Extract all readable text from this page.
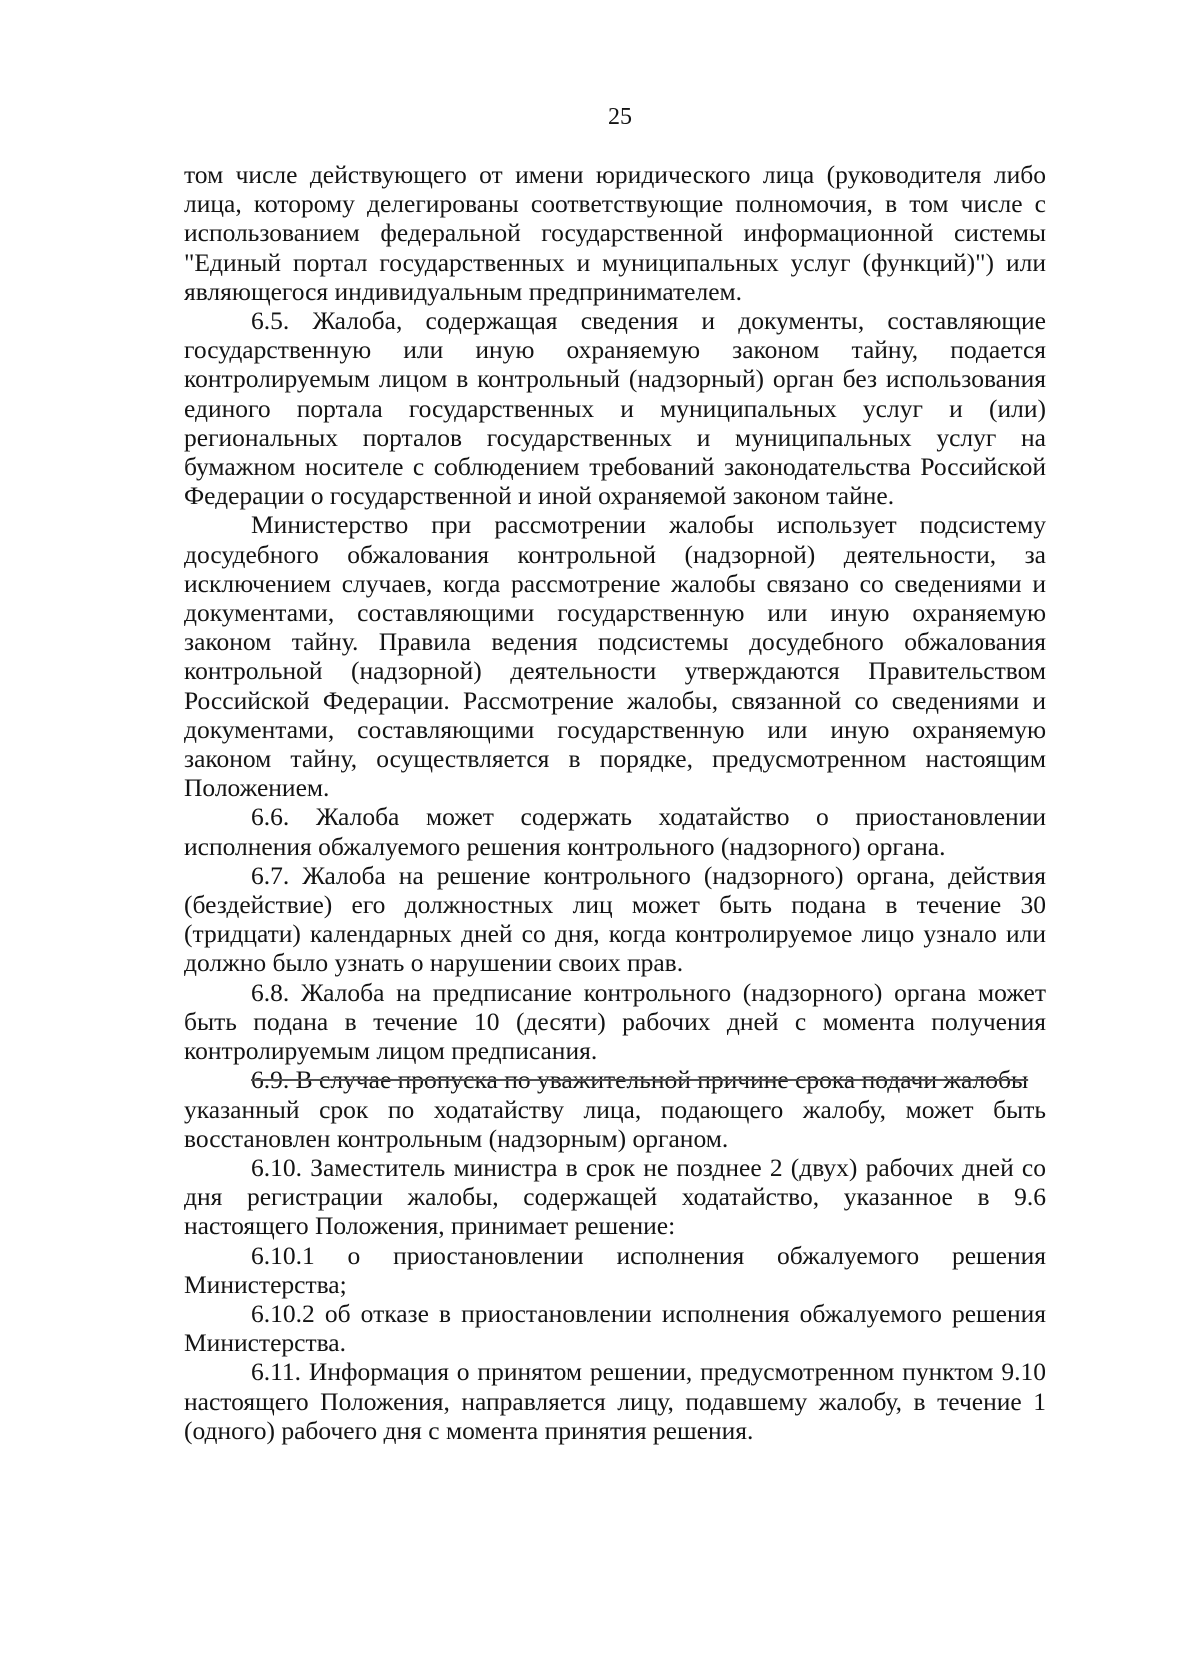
25

том числе действующего от имени юридического лица (руководителя либо лица, которому делегированы соответствующие полномочия, в том числе с использованием федеральной государственной информационной системы "Единый портал государственных и муниципальных услуг (функций)") или являющегося индивидуальным предпринимателем.

6.5. Жалоба, содержащая сведения и документы, составляющие государственную или иную охраняемую законом тайну, подается контролируемым лицом в контрольный (надзорный) орган без использования единого портала государственных и муниципальных услуг и (или) региональных порталов государственных и муниципальных услуг на бумажном носителе с соблюдением требований законодательства Российской Федерации о государственной и иной охраняемой законом тайне.

Министерство при рассмотрении жалобы использует подсистему досудебного обжалования контрольной (надзорной) деятельности, за исключением случаев, когда рассмотрение жалобы связано со сведениями и документами, составляющими государственную или иную охраняемую законом тайну. Правила ведения подсистемы досудебного обжалования контрольной (надзорной) деятельности утверждаются Правительством Российской Федерации. Рассмотрение жалобы, связанной со сведениями и документами, составляющими государственную или иную охраняемую законом тайну, осуществляется в порядке, предусмотренном настоящим Положением.

6.6. Жалоба может содержать ходатайство о приостановлении исполнения обжалуемого решения контрольного (надзорного) органа.

6.7. Жалоба на решение контрольного (надзорного) органа, действия (бездействие) его должностных лиц может быть подана в течение 30 (тридцати) календарных дней со дня, когда контролируемое лицо узнало или должно было узнать о нарушении своих прав.

6.8. Жалоба на предписание контрольного (надзорного) органа может быть подана в течение 10 (десяти) рабочих дней с момента получения контролируемым лицом предписания.

6.9. В случае пропуска по уважительной причине срока подачи жалобы

указанный срок по ходатайству лица, подающего жалобу, может быть восстановлен контрольным (надзорным) органом.

6.10. Заместитель министра в срок не позднее 2 (двух) рабочих дней со дня регистрации жалобы, содержащей ходатайство, указанное в 9.6 настоящего Положения, принимает решение:

6.10.1 о приостановлении исполнения обжалуемого решения Министерства;

6.10.2 об отказе в приостановлении исполнения обжалуемого решения Министерства.

6.11. Информация о принятом решении, предусмотренном пунктом 9.10 настоящего Положения, направляется лицу, подавшему жалобу, в течение 1 (одного) рабочего дня с момента принятия решения.
